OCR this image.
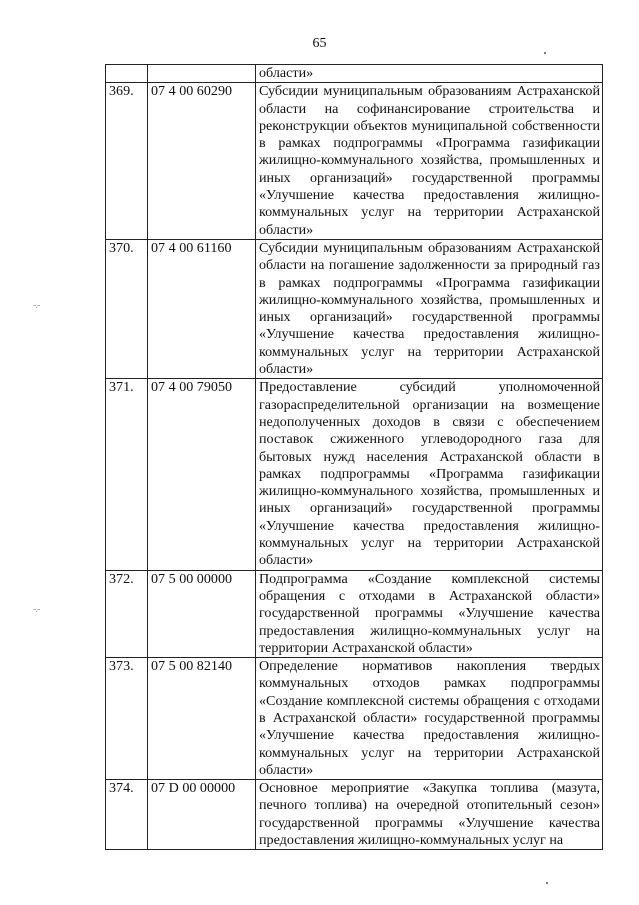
65
-.-
-.-
		области»
369.	07 4 00 60290	Субсидии муниципальным образованиям Астраханской области на софинансирование строительства и реконструкции объектов муниципальной собственности в рамках подпрограммы «Программа газификации жилищно-коммунального хозяйства, промышленных и иных организаций» государственной программы «Улучшение качества предоставления жилищно-коммунальных услуг на территории Астраханской области»
370.	07 4 00 61160	Субсидии муниципальным образованиям Астраханской области на погашение задолженности за природный газ в рамках подпрограммы «Программа газификации жилищно-коммунального хозяйства, промышленных и иных организаций» государственной программы «Улучшение качества предоставления жилищно-коммунальных услуг на территории Астраханской области»
371.	07 4 00 79050	Предоставление субсидий уполномоченной газораспределительной организации на возмещение недополученных доходов в связи с обеспечением поставок сжиженного углеводородного газа для бытовых нужд населения Астраханской области в рамках подпрограммы «Программа газификации жилищно-коммунального хозяйства, промышленных и иных организаций» государственной программы «Улучшение качества предоставления жилищно-коммунальных услуг на территории Астраханской области»
372.	07 5 00 00000	Подпрограмма «Создание комплексной системы обращения с отходами в Астраханской области» государственной программы «Улучшение качества предоставления жилищно-коммунальных услуг на территории Астраханской области»
373.	07 5 00 82140	Определение нормативов накопления твердых коммунальных отходов рамках подпрограммы «Создание комплексной системы обращения с отходами в Астраханской области» государственной программы «Улучшение качества предоставления жилищно-коммунальных услуг на территории Астраханской области»
374.	07 D 00 00000	Основное мероприятие «Закупка топлива (мазута, печного топлива) на очередной отопительный сезон» государственной программы «Улучшение качества предоставления жилищно-коммунальных услуг на
